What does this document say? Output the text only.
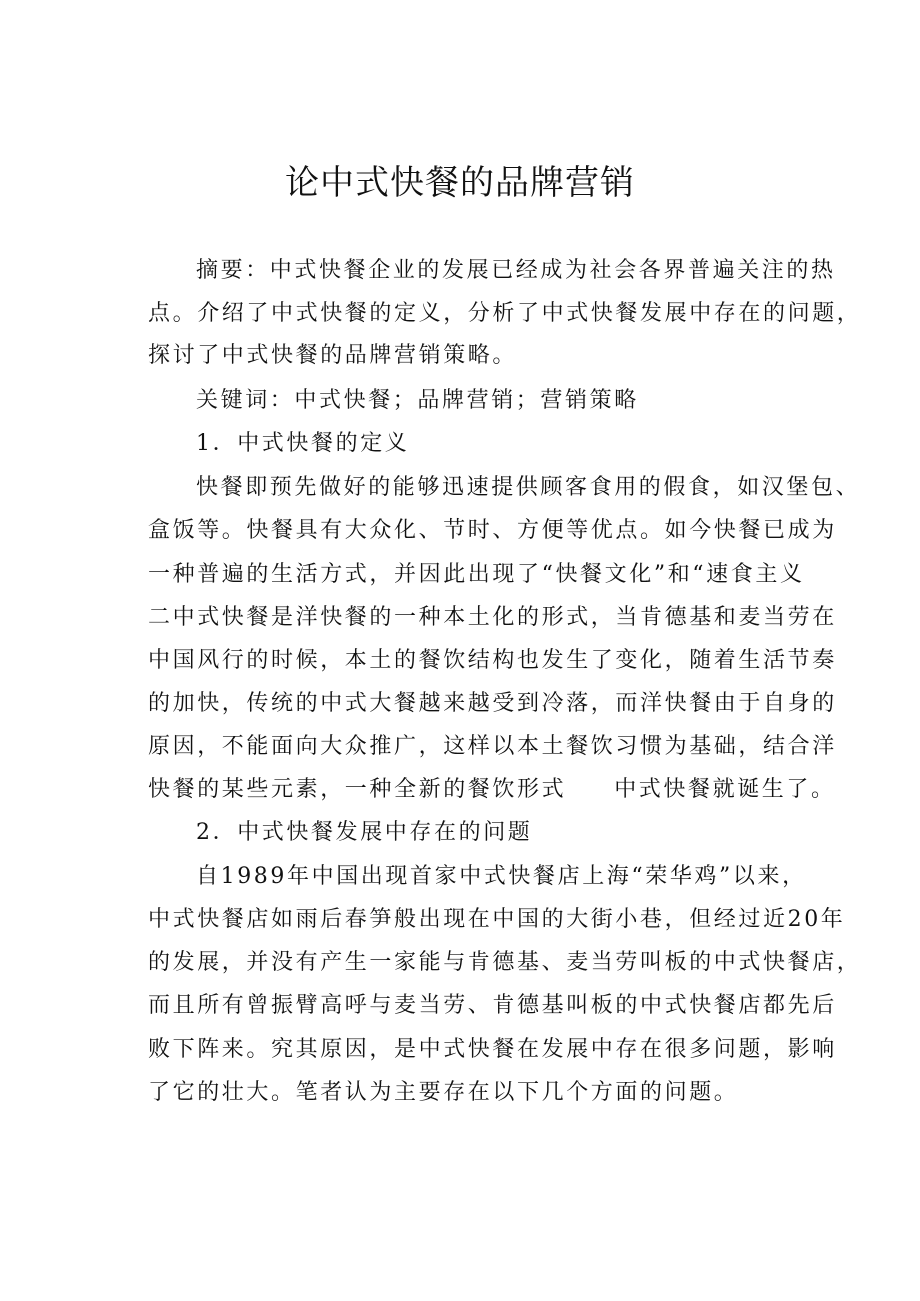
论中式快餐的品牌营销
摘要：中式快餐企业的发展已经成为社会各界普遍关注的热
点。介绍了中式快餐的定义，分析了中式快餐发展中存在的问题，
探讨了中式快餐的品牌营销策略。
关键词：中式快餐；品牌营销；营销策略
1．中式快餐的定义
快餐即预先做好的能够迅速提供顾客食用的假食，如汉堡包、
盒饭等。快餐具有大众化、节时、方便等优点。如今快餐已成为
一种普遍的生活方式，并因此出现了“快餐文化”和“速食主义
二中式快餐是洋快餐的一种本土化的形式，当肯德基和麦当劳在
中国风行的时候，本土的餐饮结构也发生了变化，随着生活节奏
的加快，传统的中式大餐越来越受到冷落，而洋快餐由于自身的
原因，不能面向大众推广，这样以本土餐饮习惯为基础，结合洋
快餐的某些元素，一种全新的餐饮形式 中式快餐就诞生了。
2．中式快餐发展中存在的问题
自1989年中国出现首家中式快餐店上海“荣华鸡”以来，
中式快餐店如雨后春笋般出现在中国的大街小巷，但经过近20年
的发展，并没有产生一家能与肯德基、麦当劳叫板的中式快餐店，
而且所有曾振臂高呼与麦当劳、肯德基叫板的中式快餐店都先后
败下阵来。究其原因，是中式快餐在发展中存在很多问题，影响
了它的壮大。笔者认为主要存在以下几个方面的问题。
